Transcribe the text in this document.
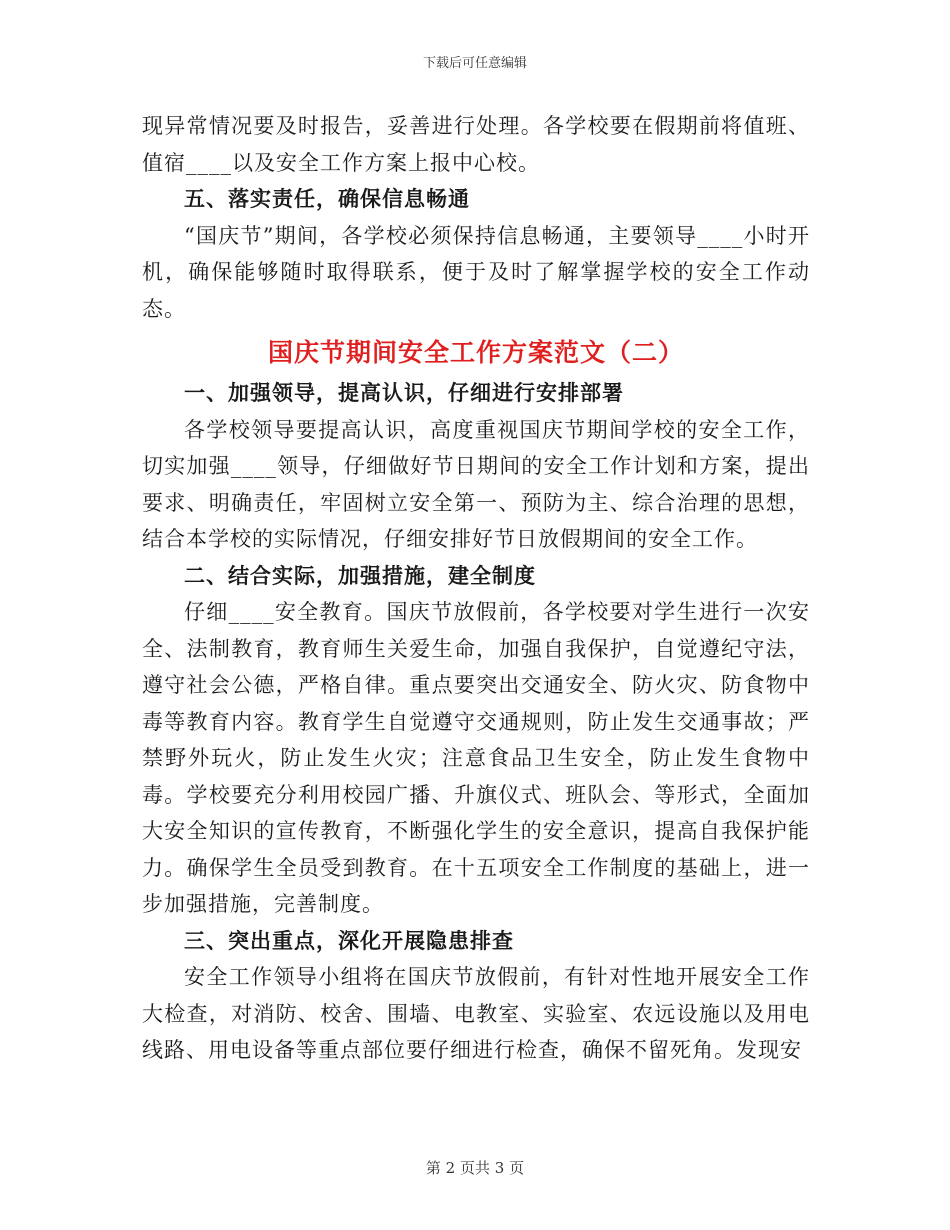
下载后可任意编辑

现异常情况要及时报告，妥善进行处理。各学校要在假期前将值班、值宿____以及安全工作方案上报中心校。

五、落实责任，确保信息畅通

“国庆节”期间，各学校必须保持信息畅通，主要领导____小时开机，确保能够随时取得联系，便于及时了解掌握学校的安全工作动态。

国庆节期间安全工作方案范文（二）

一、加强领导，提高认识，仔细进行安排部署

各学校领导要提高认识，高度重视国庆节期间学校的安全工作，切实加强____领导，仔细做好节日期间的安全工作计划和方案，提出要求、明确责任，牢固树立安全第一、预防为主、综合治理的思想，结合本学校的实际情况，仔细安排好节日放假期间的安全工作。

二、结合实际，加强措施，建全制度

仔细____安全教育。国庆节放假前，各学校要对学生进行一次安全、法制教育，教育师生关爱生命，加强自我保护，自觉遵纪守法，遵守社会公德，严格自律。重点要突出交通安全、防火灾、防食物中毒等教育内容。教育学生自觉遵守交通规则，防止发生交通事故；严禁野外玩火，防止发生火灾；注意食品卫生安全，防止发生食物中毒。学校要充分利用校园广播、升旗仪式、班队会、等形式，全面加大安全知识的宣传教育，不断强化学生的安全意识，提高自我保护能力。确保学生全员受到教育。在十五项安全工作制度的基础上，进一步加强措施，完善制度。

三、突出重点，深化开展隐患排查

安全工作领导小组将在国庆节放假前，有针对性地开展安全工作大检查，对消防、校舍、围墙、电教室、实验室、农远设施以及用电线路、用电设备等重点部位要仔细进行检查，确保不留死角。发现安

第 2 页共 3 页
